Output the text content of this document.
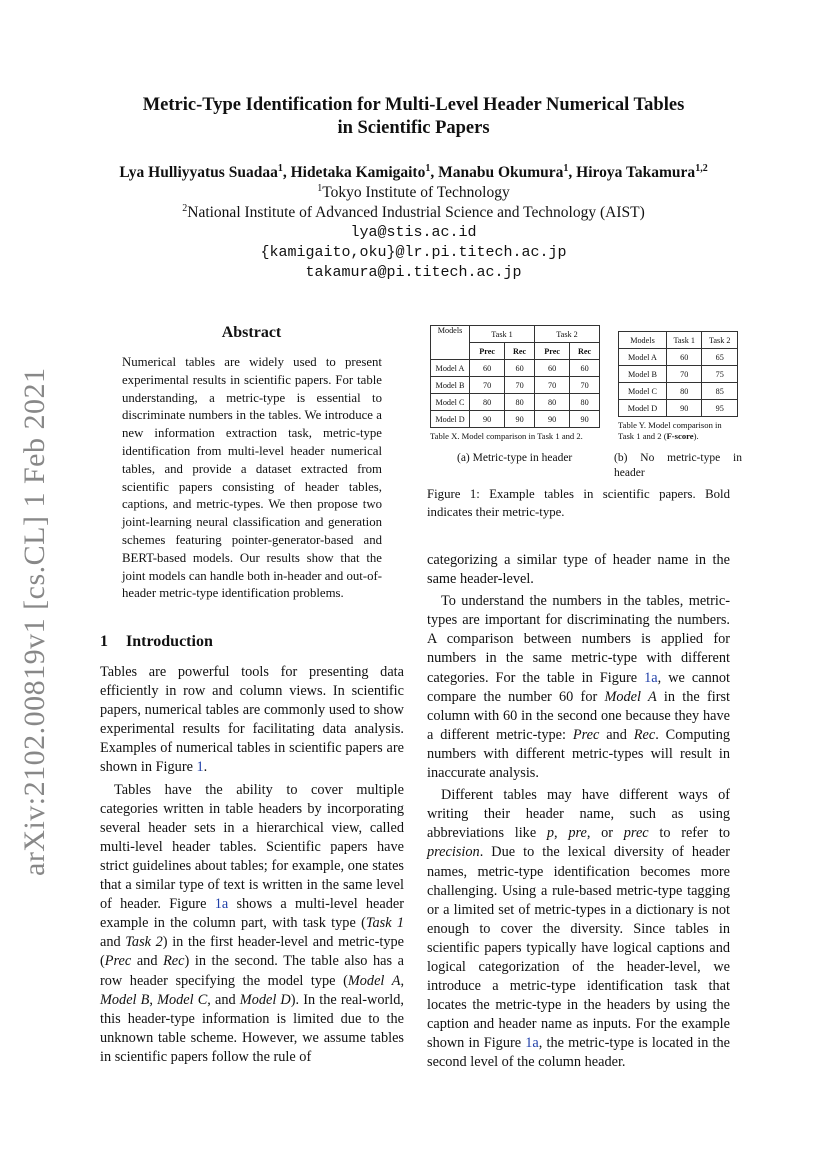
Metric-Type Identification for Multi-Level Header Numerical Tables
in Scientific Papers
Lya Hulliyyatus Suadaa$^1$, Hidetaka Kamigaito$^1$, Manabu Okumura$^1$, Hiroya Takamura$^{1,2}$
$^1$Tokyo Institute of Technology
$^2$National Institute of Advanced Industrial Science and Technology (AIST)
lya@stis.ac.id
{kamigaito,oku}@lr.pi.titech.ac.jp
takamura@pi.titech.ac.jp
arXiv:2102.00819v1 [cs.CL] 1 Feb 2021
Abstract
Numerical tables are widely used to present experimental results in scientific papers. For table understanding, a metric-type is essential to discriminate numbers in the tables. We introduce a new information extraction task, metric-type identification from multi-level header numerical tables, and provide a dataset extracted from scientific papers consisting of header tables, captions, and metric-types. We then propose two joint-learning neural classification and generation schemes featuring pointer-generator-based and BERT-based models. Our results show that the joint models can handle both in-header and out-of-header metric-type identification problems.
Models	Task 1		Task 2	
	Prec	Rec	Prec	Rec
Model A	60	60	60	60
Model B	70	70	70	70
Model C	80	80	80	80
Model D	90	90	90	90
Table X. Model comparison in Task 1 and 2.
Models	Task 1	Task 2
Model A	60	65
Model B	70	75
Model C	80	85
Model D	90	95
Table Y. Model comparison in Task 1 and 2 (F-score).
(a) Metric-type in header	(b) No metric-type in header
Figure 1: Example tables in scientific papers. Bold indicates their metric-type.
1 Introduction

Tables are powerful tools for presenting data efficiently in row and column views. In scientific papers, numerical tables are commonly used to show experimental results for facilitating data analysis. Examples of numerical tables in scientific papers are shown in Figure 1.

Tables have the ability to cover multiple categories written in table headers by incorporating several header sets in a hierarchical view, called multi-level header tables. Scientific papers have strict guidelines about tables; for example, one states that a similar type of text is written in the same level of header. Figure 1a shows a multi-level header example in the column part, with task type (Task 1 and Task 2) in the first header-level and metric-type (Prec and Rec) in the second. The table also has a row header specifying the model type (Model A, Model B, Model C, and Model D). In the real-world, this header-type information is limited due to the unknown table scheme. However, we assume tables in scientific papers follow the rule of

categorizing a similar type of header name in the same header-level.

To understand the numbers in the tables, metric-types are important for discriminating the numbers. A comparison between numbers is applied for numbers in the same metric-type with different categories. For the table in Figure 1a, we cannot compare the number 60 for Model A in the first column with 60 in the second one because they have a different metric-type: Prec and Rec. Computing numbers with different metric-types will result in inaccurate analysis.

Different tables may have different ways of writing their header name, such as using abbreviations like p, pre, or prec to refer to precision. Due to the lexical diversity of header names, metric-type identification becomes more challenging. Using a rule-based metric-type tagging or a limited set of metric-types in a dictionary is not enough to cover the diversity. Since tables in scientific papers typically have logical captions and logical categorization of the header-level, we introduce a metric-type identification task that locates the metric-type in the headers by using the caption and header name as inputs. For the example shown in Figure 1a, the metric-type is located in the second level of the column header.
